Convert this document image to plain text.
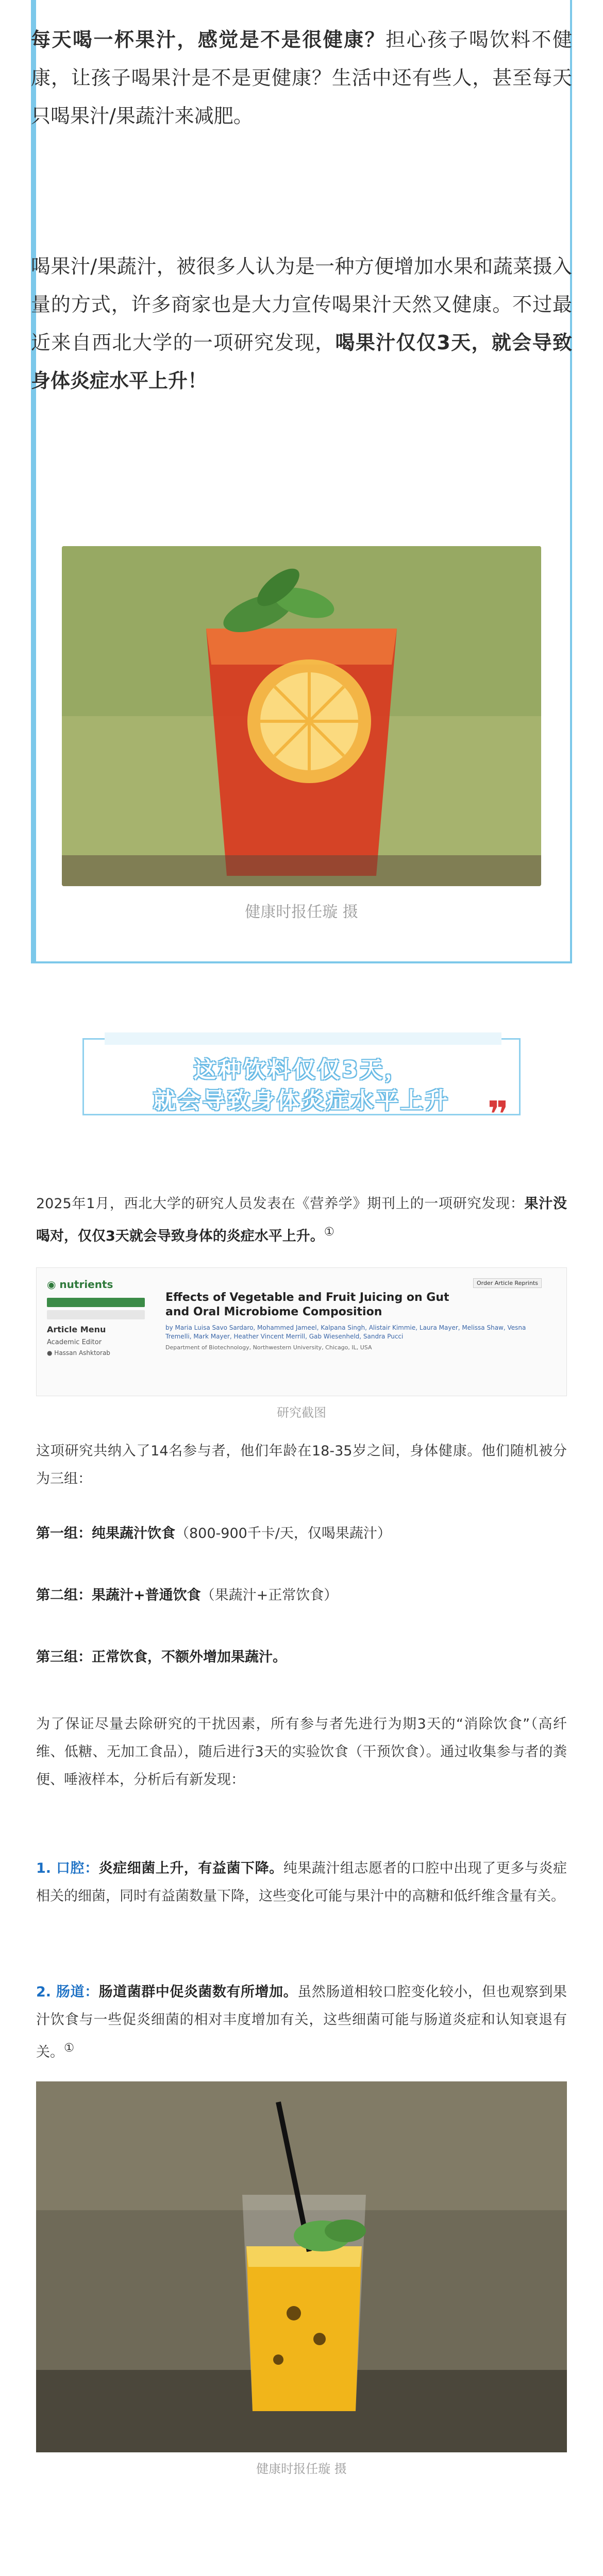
每天喝一杯果汁，感觉是不是很健康？担心孩子喝饮料不健康，让孩子喝果汁是不是更健康？生活中还有些人，甚至每天只喝果汁/果蔬汁来减肥。
喝果汁/果蔬汁，被很多人认为是一种方便增加水果和蔬菜摄入量的方式，许多商家也是大力宣传喝果汁天然又健康。不过最近来自西北大学的一项研究发现，喝果汁仅仅3天，就会导致身体炎症水平上升！
健康时报任璇 摄
这种饮料仅仅3天，
就会导致身体炎症水平上升	❞
2025年1月，西北大学的研究人员发表在《营养学》期刊上的一项研究发现：果汁没喝对，仅仅3天就会导致身体的炎症水平上升。①
◉ nutrients
Article Menu
Academic Editor
● Hassan Ashktorab
Order Article Reprints
Effects of Vegetable and Fruit Juicing on Gut and Oral Microbiome Composition
by Maria Luisa Savo Sardaro, Mohammed Jameel, Kalpana Singh, Alistair Kimmie, Laura Mayer, Melissa Shaw, Vesna Tremelli, Mark Mayer, Heather Vincent Merrill, Gab Wiesenheld, Sandra Pucci
Department of Biotechnology, Northwestern University, Chicago, IL, USA
研究截图
这项研究共纳入了14名参与者，他们年龄在18-35岁之间，身体健康。他们随机被分为三组：
第一组：纯果蔬汁饮食（800-900千卡/天，仅喝果蔬汁）
第二组：果蔬汁+普通饮食（果蔬汁+正常饮食）
第三组：正常饮食，不额外增加果蔬汁。
为了保证尽量去除研究的干扰因素，所有参与者先进行为期3天的“消除饮食”（高纤维、低糖、无加工食品），随后进行3天的实验饮食（干预饮食）。通过收集参与者的粪便、唾液样本，分析后有新发现：
1. 口腔：炎症细菌上升，有益菌下降。纯果蔬汁组志愿者的口腔中出现了更多与炎症相关的细菌，同时有益菌数量下降，这些变化可能与果汁中的高糖和低纤维含量有关。
2. 肠道：肠道菌群中促炎菌数有所增加。虽然肠道相较口腔变化较小，但也观察到果汁饮食与一些促炎细菌的相对丰度增加有关，这些细菌可能与肠道炎症和认知衰退有关。①
健康时报任璇 摄
